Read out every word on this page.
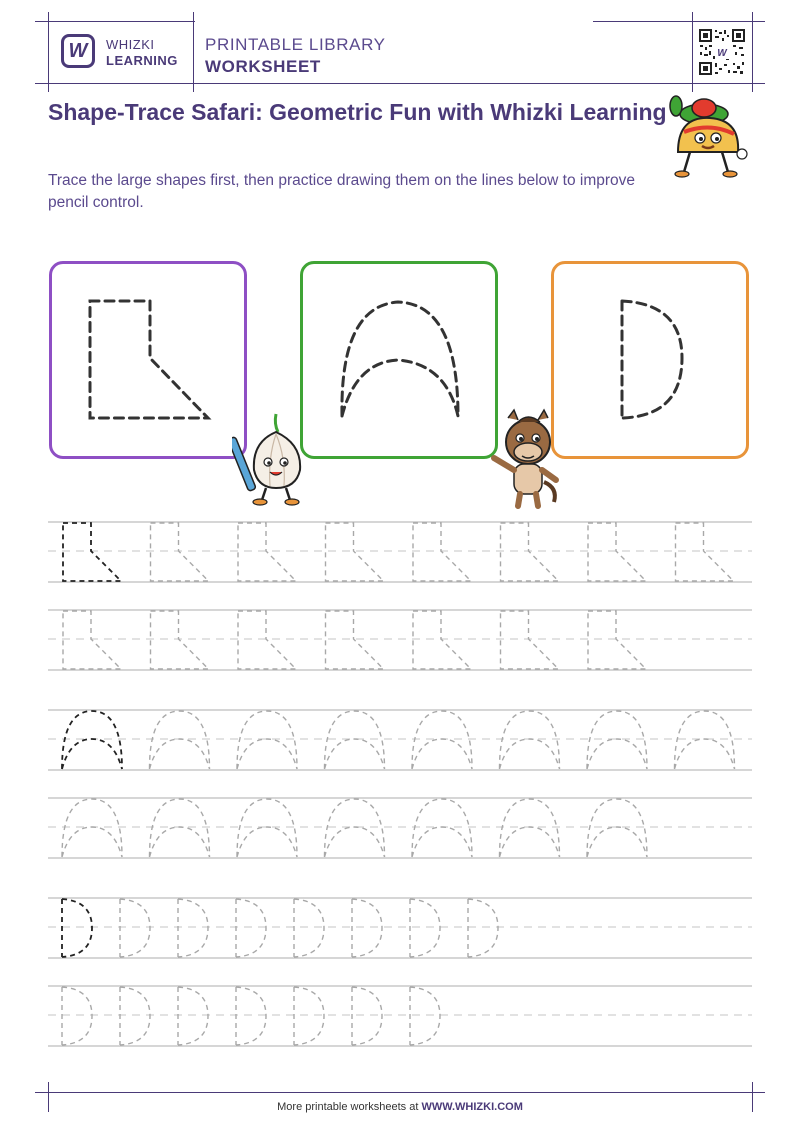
W WHIZKI
LEARNING
PRINTABLE LIBRARY
WORKSHEET
W
Shape-Trace Safari: Geometric Fun with Whizki Learning
Trace the large shapes first, then practice drawing them on the lines below to improve pencil control.
More printable worksheets at WWW.WHIZKI.COM
